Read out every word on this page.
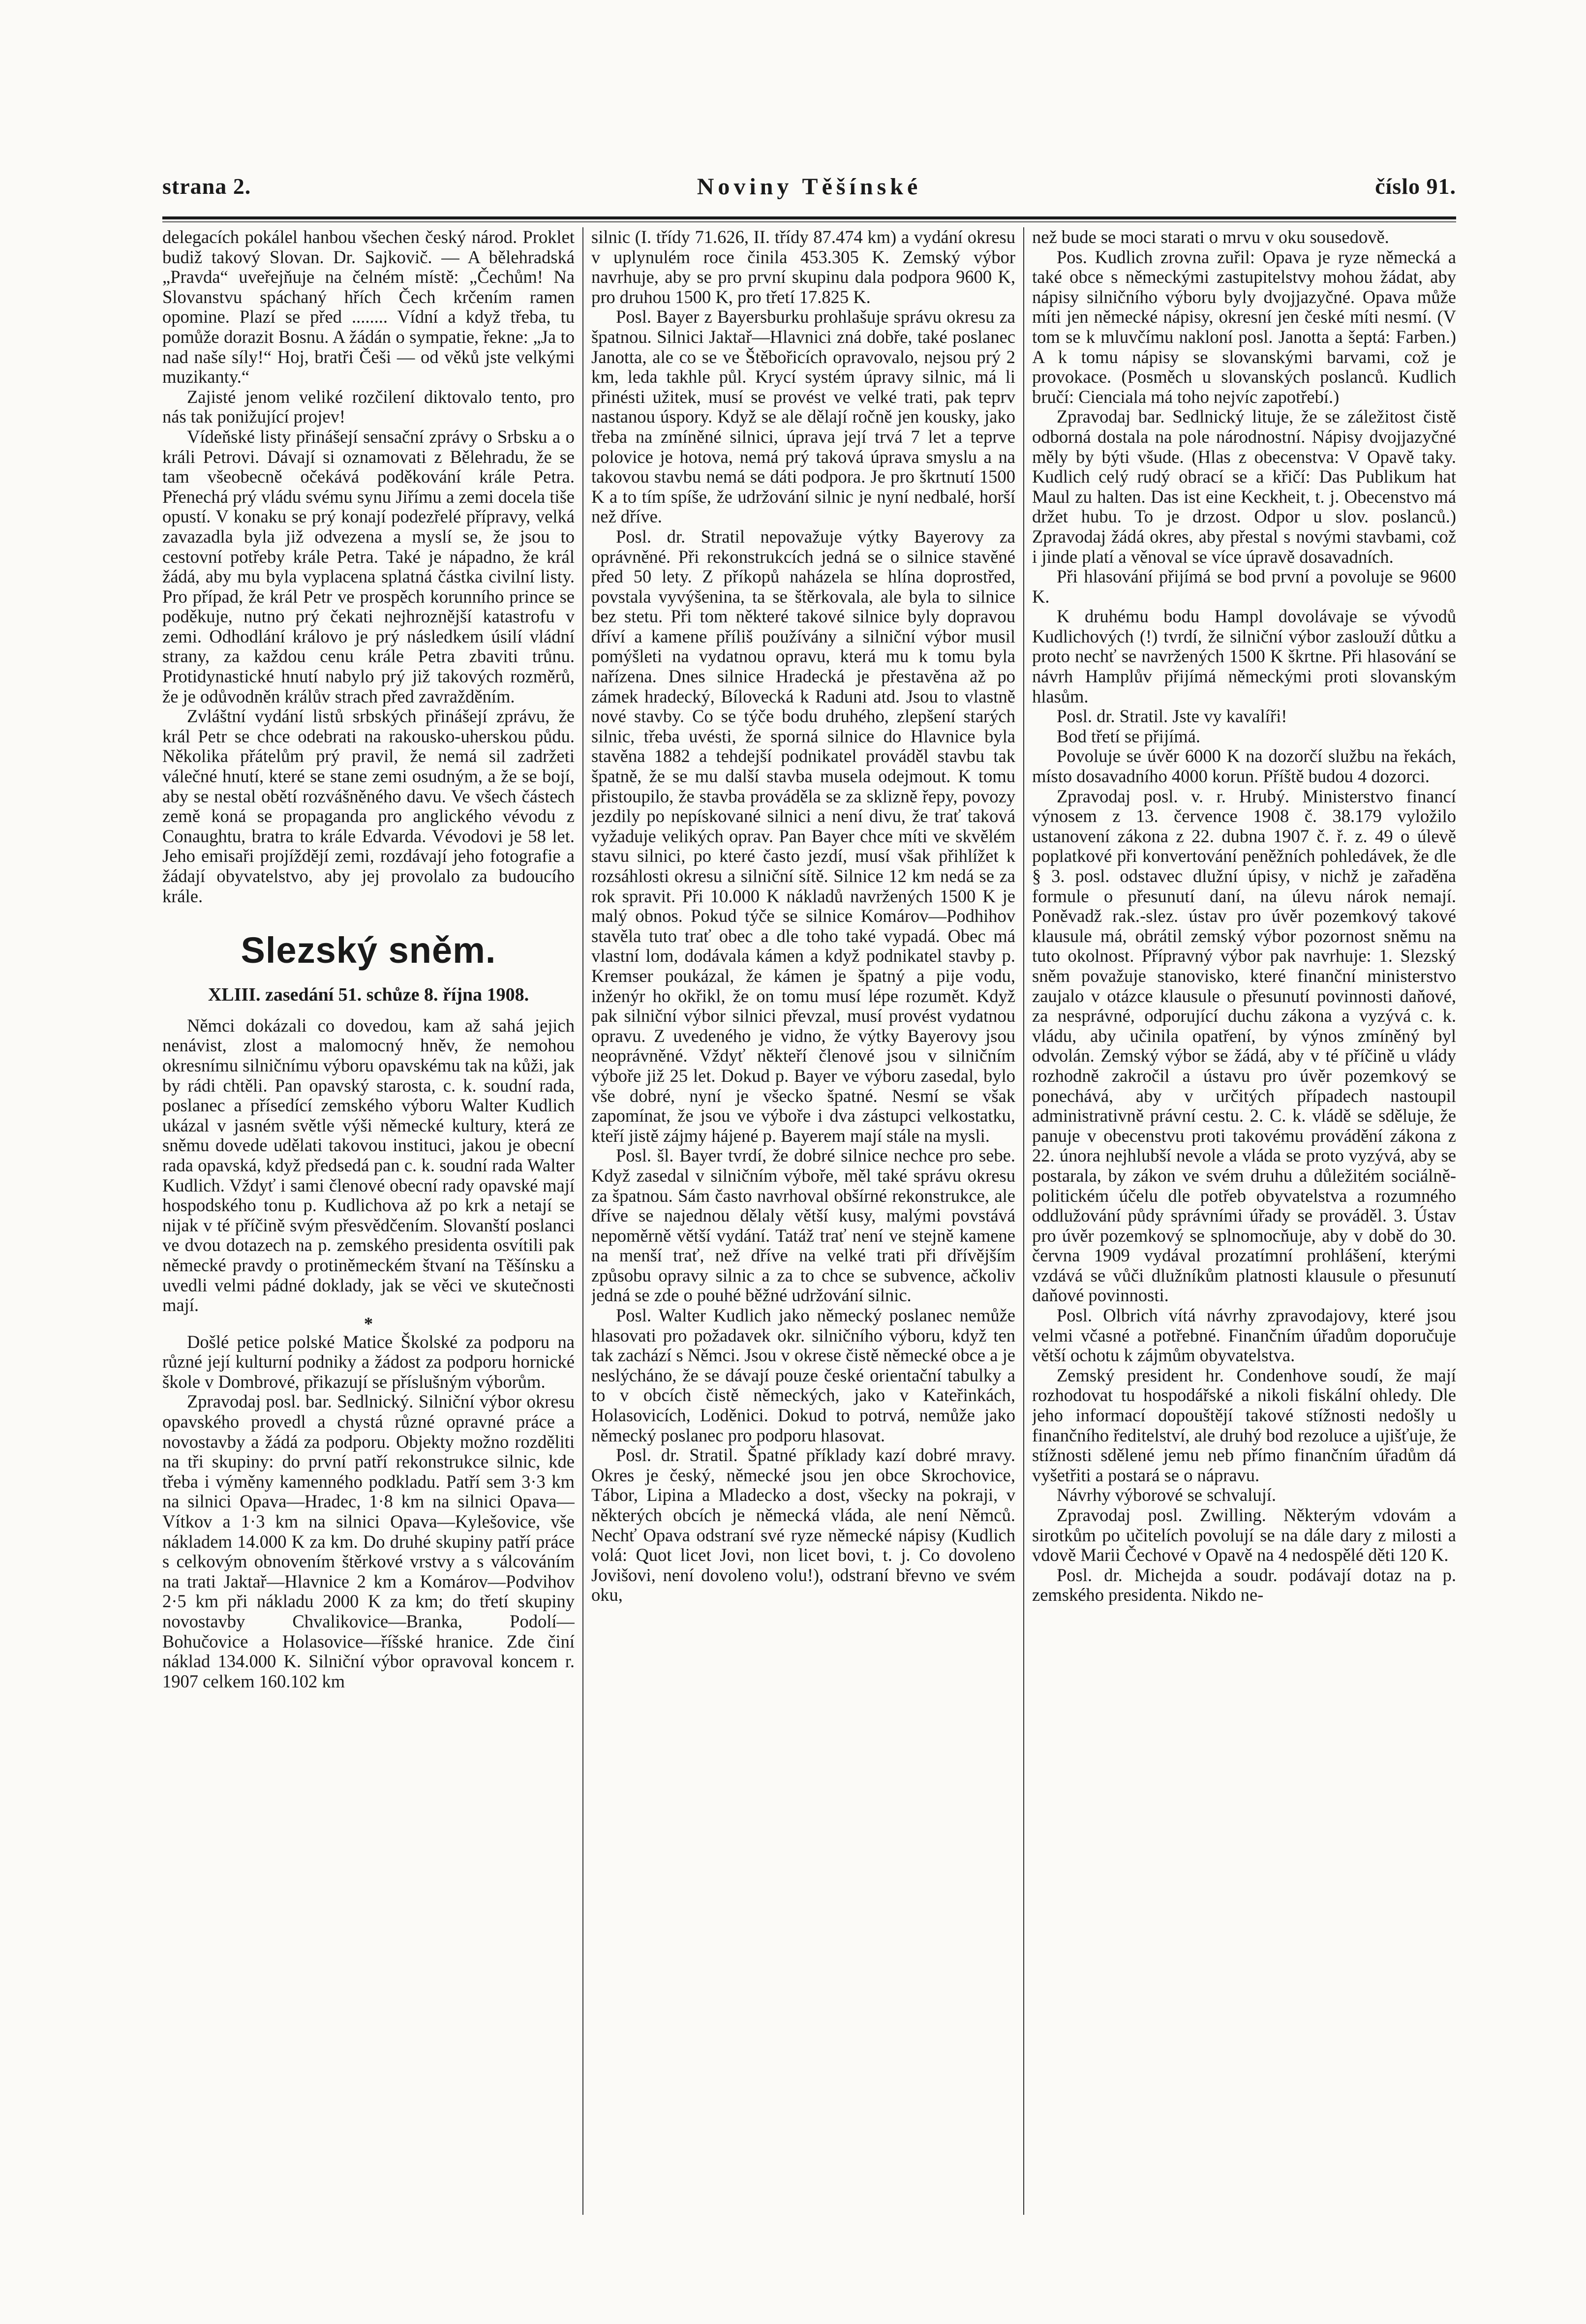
Noviny Těšínské
strana 2.	číslo 91.

delegacích pokálel hanbou všechen český národ. Proklet budiž takový Slovan. Dr. Sajkovič. — A bělehradská „Pravda“ uveřejňuje na čelném místě: „Čechům! Na Slovanstvu spáchaný hřích Čech krčením ramen opomine. Plazí se před ........ Vídní a když třeba, tu pomůže dorazit Bosnu. A žádán o sympatie, řekne: „Ja to nad naše síly!“ Hoj, bratři Češi — od věků jste velkými muzikanty.“

Zajisté jenom veliké rozčilení diktovalo tento, pro nás tak ponižující projev!

Vídeňské listy přinášejí sensační zprávy o Srbsku a o králi Petrovi. Dávají si oznamovati z Bělehradu, že se tam všeobecně očekává poděkování krále Petra. Přenechá prý vládu svému synu Jiřímu a zemi docela tiše opustí. V konaku se prý konají podezřelé přípravy, velká zavazadla byla již odvezena a myslí se, že jsou to cestovní potřeby krále Petra. Také je nápadno, že král žádá, aby mu byla vyplacena splatná částka civilní listy. Pro případ, že král Petr ve prospěch korunního prince se poděkuje, nutno prý čekati nejhroznější katastrofu v zemi. Odhodlání královo je prý následkem úsilí vládní strany, za každou cenu krále Petra zbaviti trůnu. Protidynastické hnutí nabylo prý již takových rozměrů, že je odůvodněn králův strach před zavražděním.

Zvláštní vydání listů srbských přinášejí zprávu, že král Petr se chce odebrati na rakousko-uherskou půdu. Několika přátelům prý pravil, že nemá sil zadržeti válečné hnutí, které se stane zemi osudným, a že se bojí, aby se nestal obětí rozvášněného davu. Ve všech částech země koná se propaganda pro anglického vévodu z Conaughtu, bratra to krále Edvarda. Vévodovi je 58 let. Jeho emisaři projíždějí zemi, rozdávají jeho fotografie a žádají obyvatelstvo, aby jej provolalo za budoucího krále.

Slezský sněm.

XLIII. zasedání 51. schůze 8. října 1908.

Němci dokázali co dovedou, kam až sahá jejich nenávist, zlost a malomocný hněv, že nemohou okresnímu silničnímu výboru opavskému tak na kůži, jak by rádi chtěli. Pan opavský starosta, c. k. soudní rada, poslanec a přísedící zemského výboru Walter Kudlich ukázal v jasném světle výši německé kultury, která ze sněmu dovede udělati takovou instituci, jakou je obecní rada opavská, když předsedá pan c. k. soudní rada Walter Kudlich. Vždyť i sami členové obecní rady opavské mají hospodského tonu p. Kudlichova až po krk a netají se nijak v té příčině svým přesvědčením. Slovanští poslanci ve dvou dotazech na p. zemského presidenta osvítili pak německé pravdy o protiněmeckém štvaní na Těšínsku a uvedli velmi pádné doklady, jak se věci ve skutečnosti mají.

*

Došlé petice polské Matice Školské za podporu na různé její kulturní podniky a žádost za podporu hornické škole v Dombrové, přikazují se příslušným výborům.

Zpravodaj posl. bar. Sedlnický. Silniční výbor okresu opavského provedl a chystá různé opravné práce a novostavby a žádá za podporu. Objekty možno rozděliti na tři skupiny: do první patří rekonstrukce silnic, kde třeba i výměny kamenného podkladu. Patří sem 3·3 km na silnici Opava—Hradec, 1·8 km na silnici Opava—Vítkov a 1·3 km na silnici Opava—Kylešovice, vše nákladem 14.000 K za km. Do druhé skupiny patří práce s celkovým obnovením štěrkové vrstvy a s válcováním na trati Jaktař—Hlavnice 2 km a Komárov—Podvihov 2·5 km při nákladu 2000 K za km; do třetí skupiny novostavby Chvalikovice—Branka, Podolí—Bohučovice a Holasovice—říšské hranice. Zde činí náklad 134.000 K. Silniční výbor opravoval koncem r. 1907 celkem 160.102 km

silnic (I. třídy 71.626, II. třídy 87.474 km) a vydání okresu v uplynulém roce činila 453.305 K. Zemský výbor navrhuje, aby se pro první skupinu dala podpora 9600 K, pro druhou 1500 K, pro třetí 17.825 K.

Posl. Bayer z Bayersburku prohlašuje správu okresu za špatnou. Silnici Jaktař—Hlavnici zná dobře, také poslanec Janotta, ale co se ve Štěbořicích opravovalo, nejsou prý 2 km, leda takhle půl. Krycí systém úpravy silnic, má li přinésti užitek, musí se provést ve velké trati, pak teprv nastanou úspory. Když se ale dělají ročně jen kousky, jako třeba na zmíněné silnici, úprava její trvá 7 let a teprve polovice je hotova, nemá prý taková úprava smyslu a na takovou stavbu nemá se dáti podpora. Je pro škrtnutí 1500 K a to tím spíše, že udržování silnic je nyní nedbalé, horší než dříve.

Posl. dr. Stratil nepovažuje výtky Bayerovy za oprávněné. Při rekonstrukcích jedná se o silnice stavěné před 50 lety. Z příkopů naházela se hlína doprostřed, povstala vyvýšenina, ta se štěrkovala, ale byla to silnice bez stetu. Při tom některé takové silnice byly dopravou dříví a kamene příliš používány a silniční výbor musil pomýšleti na vydatnou opravu, která mu k tomu byla nařízena. Dnes silnice Hradecká je přestavěna až po zámek hradecký, Bílovecká k Raduni atd. Jsou to vlastně nové stavby. Co se týče bodu druhého, zlepšení starých silnic, třeba uvésti, že sporná silnice do Hlavnice byla stavěna 1882 a tehdejší podnikatel prováděl stavbu tak špatně, že se mu další stavba musela odejmout. K tomu přistoupilo, že stavba prováděla se za sklizně řepy, povozy jezdily po nepískované silnici a není divu, že trať taková vyžaduje velikých oprav. Pan Bayer chce míti ve skvělém stavu silnici, po které často jezdí, musí však přihlížet k rozsáhlosti okresu a silniční sítě. Silnice 12 km nedá se za rok spravit. Při 10.000 K nákladů navržených 1500 K je malý obnos. Pokud týče se silnice Komárov—Podhihov stavěla tuto trať obec a dle toho také vypadá. Obec má vlastní lom, dodávala kámen a když podnikatel stavby p. Kremser poukázal, že kámen je špatný a pije vodu, inženýr ho okřikl, že on tomu musí lépe rozumět. Když pak silniční výbor silnici převzal, musí provést vydatnou opravu. Z uvedeného je vidno, že výtky Bayerovy jsou neoprávněné. Vždyť někteří členové jsou v silničním výboře již 25 let. Dokud p. Bayer ve výboru zasedal, bylo vše dobré, nyní je všecko špatné. Nesmí se však zapomínat, že jsou ve výboře i dva zástupci velkostatku, kteří jistě zájmy hájené p. Bayerem mají stále na mysli.

Posl. šl. Bayer tvrdí, že dobré silnice nechce pro sebe. Když zasedal v silničním výboře, měl také správu okresu za špatnou. Sám často navrhoval obšírné rekonstrukce, ale dříve se najednou dělaly větší kusy, malými povstává nepoměrně větší vydání. Tatáž trať není ve stejně kamene na menší trať, než dříve na velké trati při dřívějším způsobu opravy silnic a za to chce se subvence, ačkoliv jedná se zde o pouhé běžné udržování silnic.

Posl. Walter Kudlich jako německý poslanec nemůže hlasovati pro požadavek okr. silničního výboru, když ten tak zachází s Němci. Jsou v okrese čistě německé obce a je neslýcháno, že se dávají pouze české orientační tabulky a to v obcích čistě německých, jako v Kateřinkách, Holasovicích, Loděnici. Dokud to potrvá, nemůže jako německý poslanec pro podporu hlasovat.

Posl. dr. Stratil. Špatné příklady kazí dobré mravy. Okres je český, německé jsou jen obce Skrochovice, Tábor, Lipina a Mladecko a dost, všecky na pokraji, v některých obcích je německá vláda, ale není Němců. Nechť Opava odstraní své ryze německé nápisy (Kudlich volá: Quot licet Jovi, non licet bovi, t. j. Co dovoleno Jovišovi, není dovoleno volu!), odstraní břevno ve svém oku,

než bude se moci starati o mrvu v oku sousedově.

Pos. Kudlich zrovna zuřil: Opava je ryze německá a také obce s německými zastupitelstvy mohou žádat, aby nápisy silničního výboru byly dvojjazyčné. Opava může míti jen německé nápisy, okresní jen české míti nesmí. (V tom se k mluvčímu nakloní posl. Janotta a šeptá: Farben.) A k tomu nápisy se slovanskými barvami, což je provokace. (Posměch u slovanských poslanců. Kudlich bručí: Cienciala má toho nejvíc zapotřebí.)

Zpravodaj bar. Sedlnický lituje, že se záležitost čistě odborná dostala na pole národnostní. Nápisy dvojjazyčné měly by býti všude. (Hlas z obecenstva: V Opavě taky. Kudlich celý rudý obrací se a křičí: Das Publikum hat Maul zu halten. Das ist eine Keckheit, t. j. Obecenstvo má držet hubu. To je drzost. Odpor u slov. poslanců.) Zpravodaj žádá okres, aby přestal s novými stavbami, což i jinde platí a věnoval se více úpravě dosavadních.

Při hlasování přijímá se bod první a povoluje se 9600 K.

K druhému bodu Hampl dovolávaje se vývodů Kudlichových (!) tvrdí, že silniční výbor zaslouží důtku a proto nechť se navržených 1500 K škrtne. Při hlasování se návrh Hamplův přijímá německými proti slovanským hlasům.

Posl. dr. Stratil. Jste vy kavalíři!

Bod třetí se přijímá.

Povoluje se úvěr 6000 K na dozorčí službu na řekách, místo dosavadního 4000 korun. Příště budou 4 dozorci.

Zpravodaj posl. v. r. Hrubý. Ministerstvo financí výnosem z 13. července 1908 č. 38.179 vyložilo ustanovení zákona z 22. dubna 1907 č. ř. z. 49 o úlevě poplatkové při konvertování peněžních pohledávek, že dle § 3. posl. odstavec dlužní úpisy, v nichž je zařaděna formule o přesunutí daní, na úlevu nárok nemají. Poněvadž rak.-slez. ústav pro úvěr pozemkový takové klausule má, obrátil zemský výbor pozornost sněmu na tuto okolnost. Přípravný výbor pak navrhuje: 1. Slezský sněm považuje stanovisko, které finanční ministerstvo zaujalo v otázce klausule o přesunutí povinnosti daňové, za nesprávné, odporující duchu zákona a vyzývá c. k. vládu, aby učinila opatření, by výnos zmíněný byl odvolán. Zemský výbor se žádá, aby v té příčině u vlády rozhodně zakročil a ústavu pro úvěr pozemkový se ponechává, aby v určitých případech nastoupil administrativně právní cestu. 2. C. k. vládě se sděluje, že panuje v obecenstvu proti takovému provádění zákona z 22. února nejhlubší nevole a vláda se proto vyzývá, aby se postarala, by zákon ve svém druhu a důležitém sociálně-politickém účelu dle potřeb obyvatelstva a rozumného oddlužování půdy správními úřady se prováděl. 3. Ústav pro úvěr pozemkový se splnomocňuje, aby v době do 30. června 1909 vydával prozatímní prohlášení, kterými vzdává se vůči dlužníkům platnosti klausule o přesunutí daňové povinnosti.

Posl. Olbrich vítá návrhy zpravodajovy, které jsou velmi včasné a potřebné. Finančním úřadům doporučuje větší ochotu k zájmům obyvatelstva.

Zemský president hr. Condenhove soudí, že mají rozhodovat tu hospodářské a nikoli fiskální ohledy. Dle jeho informací dopouštějí takové stížnosti nedošly u finančního ředitelství, ale druhý bod rezoluce a ujišťuje, že stížnosti sdělené jemu neb přímo finančním úřadům dá vyšetřiti a postará se o nápravu.

Návrhy výborové se schvalují.

Zpravodaj posl. Zwilling. Některým vdovám a sirotkům po učitelích povolují se na dále dary z milosti a vdově Marii Čechové v Opavě na 4 nedospělé děti 120 K.

Posl. dr. Michejda a soudr. podávají dotaz na p. zemského presidenta. Nikdo ne-
